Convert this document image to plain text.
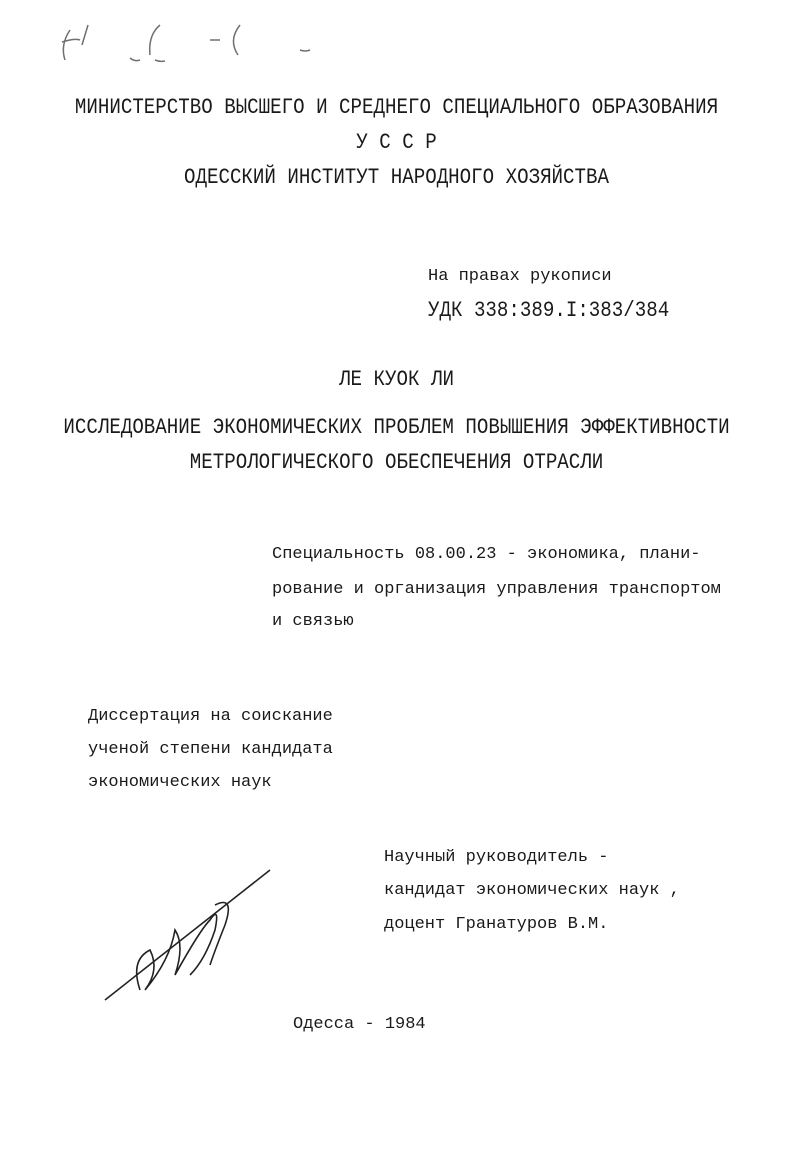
МИНИСТЕРСТВО ВЫСШЕГО И СРЕДНЕГО СПЕЦИАЛЬНОГО ОБРАЗОВАНИЯ
У С С Р
ОДЕССКИЙ ИНСТИТУТ НАРОДНОГО ХОЗЯЙСТВА
На правах рукописи
УДК 338:389.I:383/384
ЛЕ КУОК ЛИ
ИССЛЕДОВАНИЕ ЭКОНОМИЧЕСКИХ ПРОБЛЕМ ПОВЫШЕНИЯ ЭФФЕКТИВНОСТИ
МЕТРОЛОГИЧЕСКОГО ОБЕСПЕЧЕНИЯ ОТРАСЛИ
Специальность 08.00.23 - экономика, плани-
рование и организация управления транспортом
и связью
Диссертация на соискание
ученой степени кандидата
экономических наук
Научный руководитель -
кандидат экономических наук ,
доцент Гранатуров В.М.
Одесса - 1984
